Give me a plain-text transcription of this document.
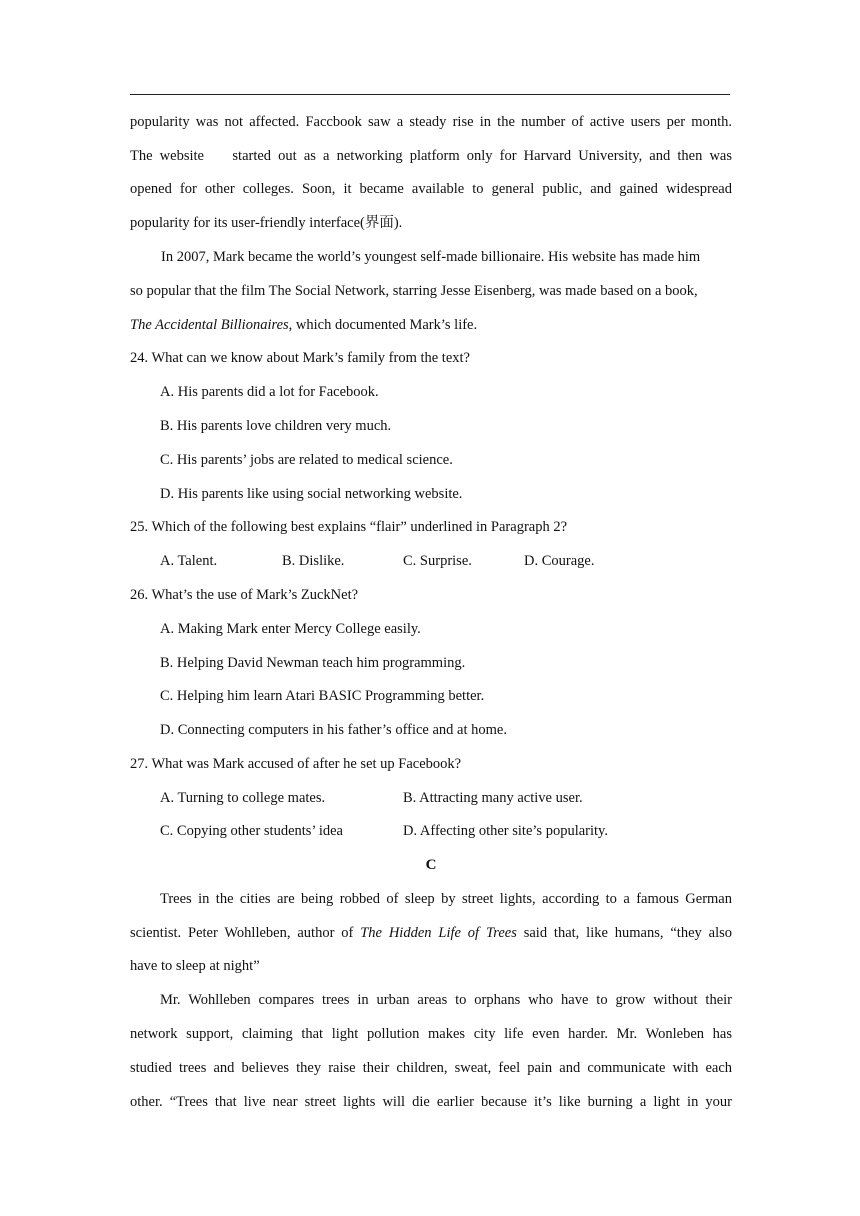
popularity was not affected. Faccbook saw a steady rise in the number of active users per month.
The website    started out as a networking platform only for Harvard University, and then was
opened for other colleges. Soon, it became available to general public, and gained widespread
popularity for its user-friendly interface(界面).
In 2007, Mark became the world’s youngest self-made billionaire. His website has made him
so popular that the film The Social Network, starring Jesse Eisenberg, was made based on a book,
The Accidental Billionaires, which documented Mark’s life.
24. What can we know about Mark’s family from the text?
A. His parents did a lot for Facebook.
B. His parents love children very much.
C. His parents’ jobs are related to medical science.
D. His parents like using social networking website.
25. Which of the following best explains “flair” underlined in Paragraph 2?
A. Talent.	B. Dislike.	C. Surprise.	D. Courage.
26. What’s the use of Mark’s ZuckNet?
A. Making Mark enter Mercy College easily.
B. Helping David Newman teach him programming.
C. Helping him learn Atari BASIC Programming better.
D. Connecting computers in his father’s office and at home.
27. What was Mark accused of after he set up Facebook?
A. Turning to college mates.	B. Attracting many active user.
C. Copying other students’ idea	D. Affecting other site’s popularity.
C
Trees in the cities are being robbed of sleep by street lights, according to a famous German
scientist. Peter Wohlleben, author of The Hidden Life of Trees said that, like humans, “they also
have to sleep at night”
Mr. Wohlleben compares trees in urban areas to orphans who have to grow without their
network support, claiming that light pollution makes city life even harder. Mr. Wonleben has
studied trees and believes they raise their children, sweat, feel pain and communicate with each
other. “Trees that live near street lights will die earlier because it’s like burning a light in your
